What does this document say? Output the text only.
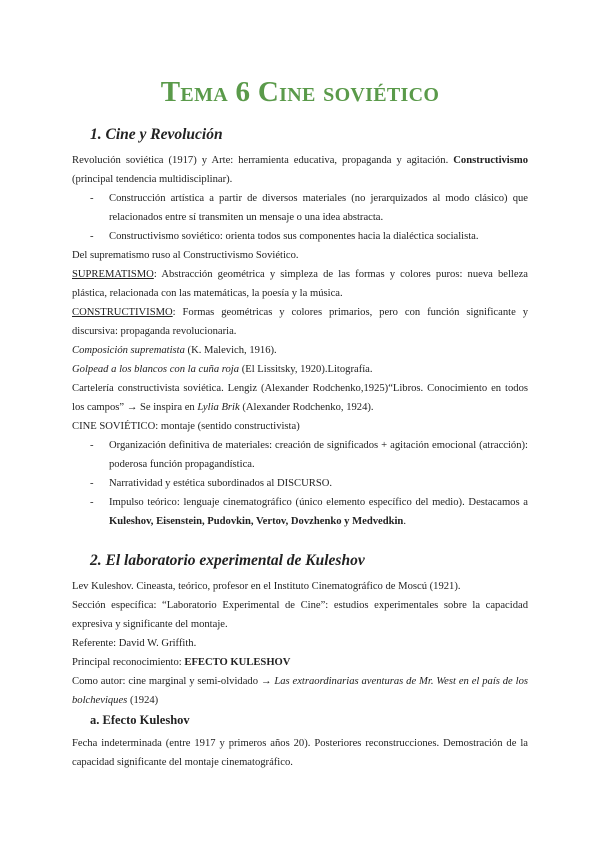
Tema 6 Cine soviético
1. Cine y Revolución
Revolución soviética (1917) y Arte: herramienta educativa, propaganda y agitación. Constructivismo (principal tendencia multidisciplinar).
- Construcción artística a partir de diversos materiales (no jerarquizados al modo clásico) que relacionados entre sí transmiten un mensaje o una idea abstracta.
- Constructivismo soviético: orienta todos sus componentes hacia la dialéctica socialista.
Del suprematismo ruso al Constructivismo Soviético.
SUPREMATISMO: Abstracción geométrica y simpleza de las formas y colores puros: nueva belleza plástica, relacionada con las matemáticas, la poesía y la música.
CONSTRUCTIVISMO: Formas geométricas y colores primarios, pero con función significante y discursiva: propaganda revolucionaria.
Composición suprematista (K. Malevich, 1916).
Golpead a los blancos con la cuña roja (El Lissitsky, 1920).Litografía.
Cartelería constructivista soviética. Lengiz (Alexander Rodchenko,1925)“Libros. Conocimiento en todos los campos” → Se inspira en Lylia Brik (Alexander Rodchenko, 1924).
CINE SOVIÉTICO: montaje (sentido constructivista)
- Organización definitiva de materiales: creación de significados + agitación emocional (atracción): poderosa función propagandística.
- Narratividad y estética subordinados al DISCURSO.
- Impulso teórico: lenguaje cinematográfico (único elemento específico del medio). Destacamos a Kuleshov, Eisenstein, Pudovkin, Vertov, Dovzhenko y Medvedkin.
2. El laboratorio experimental de Kuleshov
Lev Kuleshov. Cineasta, teórico, profesor en el Instituto Cinematográfico de Moscú (1921).
Sección específica: “Laboratorio Experimental de Cine”: estudios experimentales sobre la capacidad expresiva y significante del montaje.
Referente: David W. Griffith.
Principal reconocimiento: EFECTO KULESHOV
Como autor: cine marginal y semi-olvidado → Las extraordinarias aventuras de Mr. West en el país de los bolcheviques (1924)
a. Efecto Kuleshov
Fecha indeterminada (entre 1917 y primeros años 20). Posteriores reconstrucciones. Demostración de la capacidad significante del montaje cinematográfico.
